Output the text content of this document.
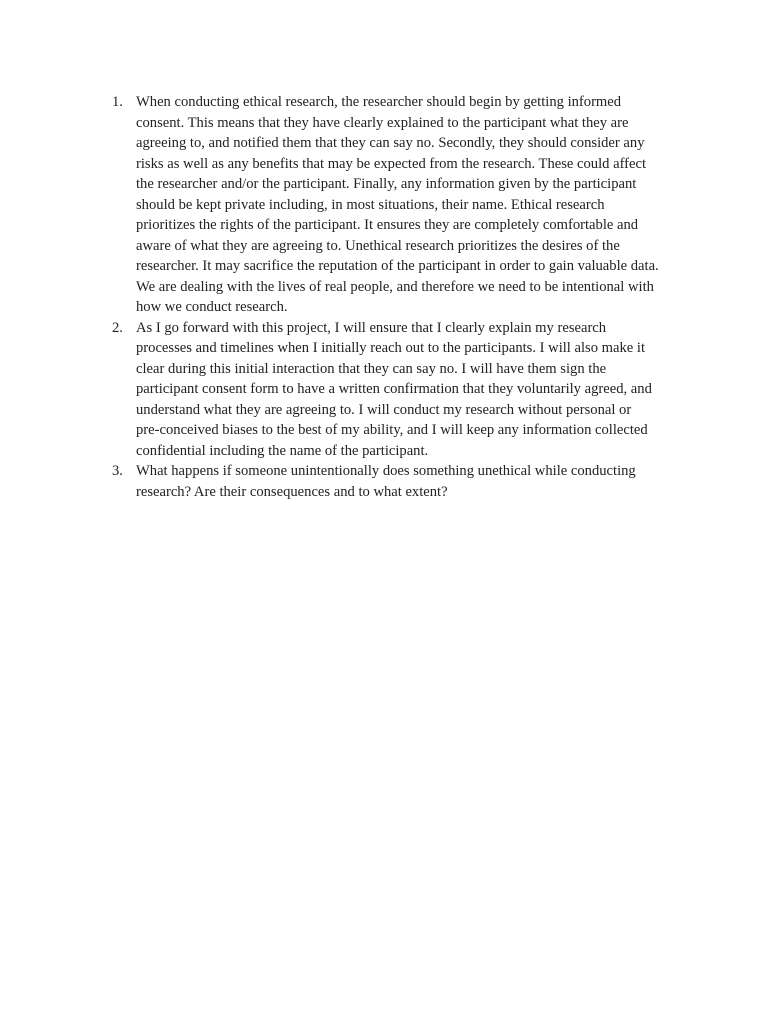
1. When conducting ethical research, the researcher should begin by getting informed
consent. This means that they have clearly explained to the participant what they are
agreeing to, and notified them that they can say no. Secondly, they should consider any
risks as well as any benefits that may be expected from the research. These could affect
the researcher and/or the participant. Finally, any information given by the participant
should be kept private including, in most situations, their name. Ethical research
prioritizes the rights of the participant. It ensures they are completely comfortable and
aware of what they are agreeing to. Unethical research prioritizes the desires of the
researcher. It may sacrifice the reputation of the participant in order to gain valuable data.
We are dealing with the lives of real people, and therefore we need to be intentional with
how we conduct research.
2. As I go forward with this project, I will ensure that I clearly explain my research
processes and timelines when I initially reach out to the participants. I will also make it
clear during this initial interaction that they can say no. I will have them sign the
participant consent form to have a written confirmation that they voluntarily agreed, and
understand what they are agreeing to. I will conduct my research without personal or
pre-conceived biases to the best of my ability, and I will keep any information collected
confidential including the name of the participant.
3. What happens if someone unintentionally does something unethical while conducting
research? Are their consequences and to what extent?
